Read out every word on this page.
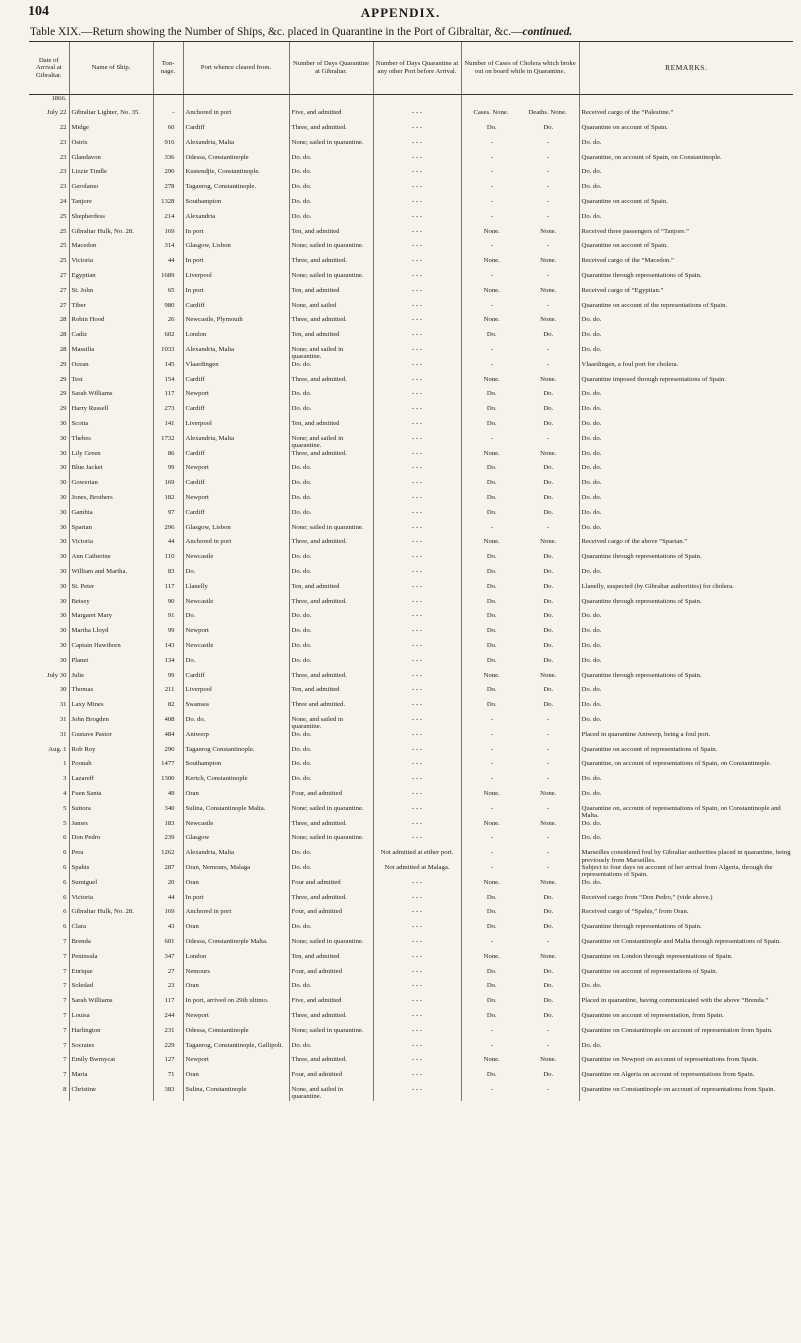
104	APPENDIX.
Table XIX.—Return showing the Number of Ships, &c. placed in Quarantine in the Port of Gibraltar, &c.—continued.
Date of Arrival at Gibraltar.	Name of Ship.	Ton-nage.	Port whence cleared from.	Number of Days Quarantine at Gibraltar.	Number of Days Quarantine at any other Port before Arrival.	Number of Cases of Cholera which broke out on board while in Quarantine.	REMARKS.
1866.							
July 22	Gibraltar Lighter, No. 35.	-	Anchored in port	Five, and admitted	- - -	Cases. None. Deaths. None.	Received cargo of the “Palestine.”
22	Midge	60	Cardiff	Three, and admitted.	- - -	Do. Do.	Quarantine on account of Spain.
23	Osiris	916	Alexandria, Malta	None; sailed in quarantine.	- - -	- -	Do. do.
23	Glandavon	336	Odessa, Constantinople	Do. do.	- - -	- -	Quarantine, on account of Spain, on Constantinople.
23	Lizzie Tindle	290	Kustendjie, Constantinople.	Do. do.	- - -	- -	Do. do.
23	Gerolamo	278	Taganrog, Constantinople.	Do. do.	- - -	- -	Do. do.
24	Tanjore	1328	Southampton	Do. do.	- - -	- -	Quarantine on account of Spain.
25	Shepherdess	214	Alexandria	Do. do.	- - -	- -	Do. do.
25	Gibraltar Hulk, No. 28.	169	In port	Ten, and admitted	- - -	None. None.	Received three passengers of “Tanjore.”
25	Macedon	314	Glasgow, Lisbon	None; sailed in quarantine.	- - -	- -	Quarantine on account of Spain.
25	Victoria	44	In port	Three, and admitted.	- - -	None. None.	Received cargo of the “Macedon.”
27	Egyptian	1689	Liverpool	None; sailed in quarantine.	- - -	- -	Quarantine through representations of Spain.
27	St. John	65	In port	Ten, and admitted	- - -	None. None.	Received cargo of “Egyptian.”
27	Tiber	980	Cardiff	None, and sailed	- - -	- -	Quarantine on account of the representations of Spain.
28	Robin Hood	26	Newcastle, Plymouth	Three, and admitted.	- - -	None. None.	Do. do.
28	Cadiz	602	London	Ten, and admitted	- - -	Do. Do.	Do. do.
28	Massilia	1033	Alexandria, Malta	None; and sailed in quarantine.	- - -	- -	Do. do.
29	Ocean	145	Vlaardingen	Do. do.	- - -	- -	Vlaardingen, a foul port for cholera.
29	Test	154	Cardiff	Three, and admitted.	- - -	None. None.	Quarantine imposed through representations of Spain.
29	Sarah Williams	117	Newport	Do. do.	- - -	Do. Do.	Do. do.
29	Harry Russell	273	Cardiff	Do. do.	- - -	Do. Do.	Do. do.
30	Scotia	141	Liverpool	Ten, and admitted	- - -	Do. Do.	Do. do.
30	Thebes	1732	Alexandria, Malta	None; and sailed in quarantine.	- - -	- -	Do. do.
30	Lily Green	86	Cardiff	Three, and admitted.	- - -	None. None.	Do. do.
30	Blue Jacket	99	Newport	Do. do.	- - -	Do. Do.	Do. do.
30	Gowerian	169	Cardiff	Do. do.	- - -	Do. Do.	Do. do.
30	Jones, Brothers	182	Newport	Do. do.	- - -	Do. Do.	Do. do.
30	Gambia	97	Cardiff	Do. do.	- - -	Do. Do.	Do. do.
30	Spartan	296	Glasgow, Lisbon	None; sailed in quarantine.	- - -	- -	Do. do.
30	Victoria	44	Anchored in port	Three, and admitted.	- - -	None. None.	Received cargo of the above “Spartan.”
30	Ann Catherine	110	Newcastle	Do. do.	- - -	Do. Do.	Quarantine through representations of Spain.
30	William and Martha.	83	Do.	Do. do.	- - -	Do. Do.	Do. do.
30	St. Peter	117	Llanelly	Ten, and admitted	- - -	Do. Do.	Llanelly, suspected (by Gibraltar authorities) for cholera.
30	Betsey	90	Newcastle	Three, and admitted.	- - -	Do. Do.	Quarantine through representations of Spain.
30	Margaret Mary	91	Do.	Do. do.	- - -	Do. Do.	Do. do.
30	Martha Lloyd	99	Newport	Do. do.	- - -	Do. Do.	Do. do.
30	Captain Hawthorn	143	Newcastle	Do. do.	- - -	Do. Do.	Do. do.
30	Planet	134	Do.	Do. do.	- - -	Do. Do.	Do. do.
July 30	Julie	99	Cardiff	Three, and admitted.	- - -	None. None.	Quarantine through representations of Spain.
30	Thomas	211	Liverpool	Ten, and admitted	- - -	Do. Do.	Do. do.
31	Laxy Mines	82	Swansea	Three and admitted.	- - -	Do. Do.	Do. do.
31	John Brogden	408	Do. do.	None, and sailed in quarantine.	- - -	- -	Do. do.
31	Gustave Pastor	484	Antwerp	Do. do.	- - -	- -	Placed in quarantine Antwerp, being a foul port.
Aug. 1	Rob Roy	290	Taganrog Constantinople.	Do. do.	- - -	- -	Quarantine on account of representations of Spain.
1	Poonah	1477	Southampton	Do. do.	- - -	- -	Quarantine, on account of representations of Spain, on Constantinople.
3	Lazareff	1300	Kertch, Constantinople	Do. do.	- - -	- -	Do. do.
4	Fuen Santa	49	Oran	Four, and admitted	- - -	None. None.	Do. do.
5	Suttora	340	Sulina, Constantinople Malta.	None; sailed in quarantine.	- - -	- -	Quarantine on, account of representations of Spain, on Constantinople and Malta.
5	James	183	Newcastle	Three, and admitted.	- - -	None. None.	Do. do.
6	Don Pedro	239	Glasgow	None; sailed in quarantine.	- - -	- -	Do. do.
6	Pera	1262	Alexandria, Malta	Do. do.	Not admitted at either port.	- -	Marseilles considered foul by Gibraltar authorities placed in quarantine, being previously from Marseilles.
6	Spahis	287	Oran, Nemours, Malaga	Do. do.	Not admitted at Malaga.	- -	Subject to four days on account of her arrival from Algeria, through the representations of Spain.
6	Sumiguel	20	Oran	Four and admitted	- - -	None. None.	Do. do.
6	Victoria	44	In port	Three, and admitted.	- - -	Do. Do.	Received cargo from “Don Pedro,” (vide above.)
6	Gibraltar Hulk, No. 28.	169	Anchored in port	Four, and admitted	- - -	Do. Do.	Received cargo of “Spahis,” from Oran.
6	Clara	43	Oran	Do. do.	- - -	Do. Do.	Quarantine through representations of Spain.
7	Brenda	601	Odessa, Constantinople Malta.	None; sailed in quarantine.	- - -	- -	Quarantine on Constantinople and Malta through representations of Spain.
7	Peninsula	347	London	Ten, and admitted	- - -	None. None.	Quarantine on London through representations of Spain.
7	Enrique	27	Nemours	Four, and admitted	- - -	Do. Do.	Quarantine on account of representations of Spain.
7	Soledad	23	Oran	Do. do.	- - -	Do. Do.	Do. do.
7	Sarah Williams	117	In port, arrived on 29th ultimo.	Five, and admitted	- - -	Do. Do.	Placed in quarantine, having communicated with the above “Brenda.”
7	Louisa	244	Newport	Three, and admitted.	- - -	Do. Do.	Quarantine on account of representation, from Spain.
7	Harlington	231	Odessa, Constantinople	None; sailed in quarantine.	- - -	- -	Quarantine on Constantinople on account of representation from Spain.
7	Socrates	229	Taganrog, Constantinople, Gallipoli.	Do. do.	- - -	- -	Do. do.
7	Emily Bwmycat	127	Newport	Three, and admitted.	- - -	None. None.	Quarantine on Newport on account of representations from Spain.
7	Maria	71	Oran	Four, and admitted	- - -	Do. Do.	Quarantine on Algeria on account of representations from Spain.
8	Christine	383	Sulina, Constantinople	None, and sailed in quarantine.	- - -	- -	Quarantine on Constantinople on account of representations from Spain.
